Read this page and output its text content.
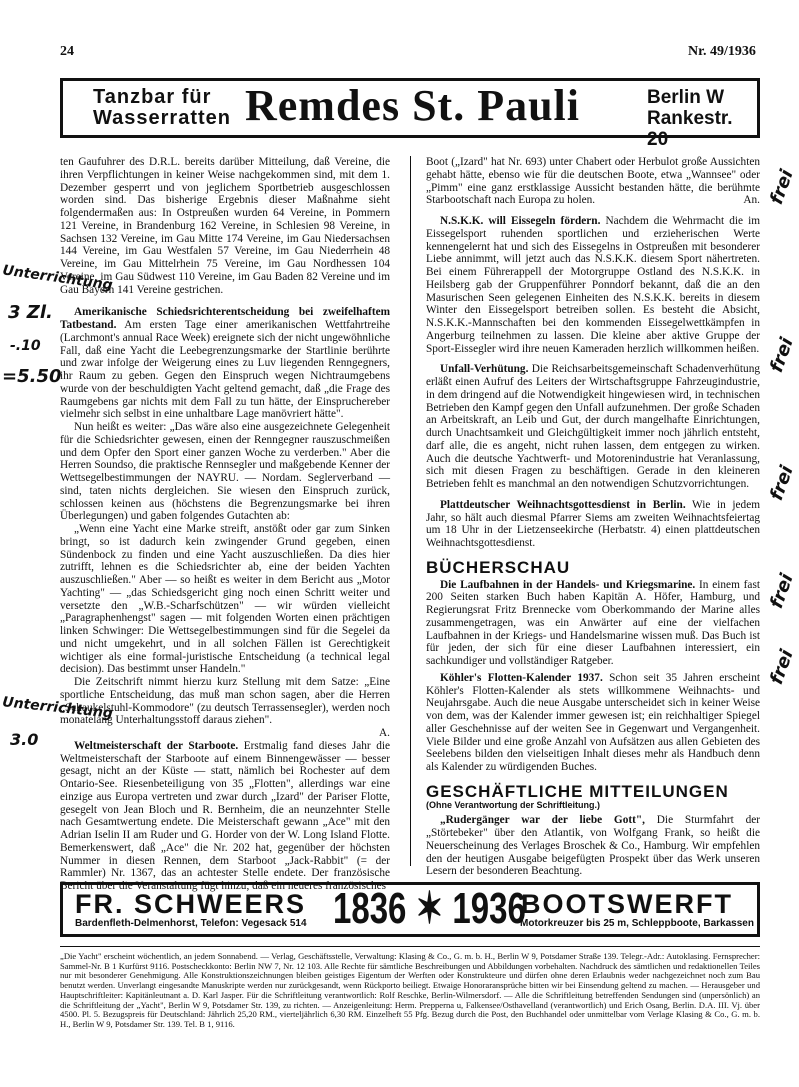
24	Nr. 49/1936
Tanzbar für
Wasserratten Remdes St. Pauli	Berlin W
Rankestr. 20

ten Gaufuhrer des D.R.L. bereits darüber Mitteilung, daß Vereine, die ihren Verpflichtungen in keiner Weise nachgekommen sind, mit dem 1. Dezember gesperrt und von jeglichem Sportbetrieb ausgeschlossen worden sind. Das bisherige Ergebnis dieser Maßnahme sieht folgendermaßen aus: In Ostpreußen wurden 64 Vereine, in Pommern 121 Vereine, in Brandenburg 162 Vereine, in Schlesien 98 Vereine, in Sachsen 132 Vereine, im Gau Mitte 174 Vereine, im Gau Niedersachsen 144 Vereine, im Gau Westfalen 57 Vereine, im Gau Niederrhein 48 Vereine, im Gau Mittelrhein 75 Vereine, im Gau Nordhessen 104 Vereine, im Gau Südwest 110 Vereine, im Gau Baden 82 Vereine und im Gau Bayern 141 Vereine gestrichen.

Amerikanische Schiedsrichterentscheidung bei zweifelhaftem Tatbestand. Am ersten Tage einer amerikanischen Wettfahrtreihe (Larchmont's annual Race Week) ereignete sich der nicht ungewöhnliche Fall, daß eine Yacht die Leebegrenzungsmarke der Startlinie berührte und zwar infolge der Weigerung eines zu Luv liegenden Renngegners, ihr Raum zu geben. Gegen den Einspruch wegen Nichtraumgebens wurde von der beschuldigten Yacht geltend gemacht, daß „die Frage des Raumgebens gar nichts mit dem Fall zu tun hätte, der Einspruchereber vielmehr sich selbst in eine unhaltbare Lage manövriert hätte".

Nun heißt es weiter: „Das wäre also eine ausgezeichnete Gelegenheit für die Schiedsrichter gewesen, einen der Renngegner rauszuschmeißen und dem Opfer den Sport einer ganzen Woche zu verderben." Aber die Herren Soundso, die praktische Rennsegler und maßgebende Kenner der Wettsegelbestimmungen der NAYRU. — Nordam. Seglerverband — sind, taten nichts dergleichen. Sie wiesen den Einspruch zurück, schlossen keinen aus (höchstens die Begrenzungsmarke bei ihren Überlegungen) und gaben folgendes Gutachten ab:

„Wenn eine Yacht eine Marke streift, anstößt oder gar zum Sinken bringt, so ist dadurch kein zwingender Grund gegeben, einen Sündenbock zu finden und eine Yacht auszuschließen. Da dies hier zutrifft, lehnen es die Schiedsrichter ab, eine der beiden Yachten auszuschließen." Aber — so heißt es weiter in dem Bericht aus „Motor Yachting" — „das Schiedsgericht ging noch einen Schritt weiter und versetzte den „W.B.-Scharfschützen" — wir würden vielleicht „Paragraphenhengst" sagen — mit folgenden Worten einen prächtigen linken Schwinger: Die Wettsegelbestimmungen sind für die Segelei da und nicht umgekehrt, und in all solchen Fällen ist Gerechtigkeit wichtiger als eine formal-juristische Entscheidung (a technical legal decision). Das bestimmt unser Handeln."

Die Zeitschrift nimmt hierzu kurz Stellung mit dem Satze: „Eine sportliche Entscheidung, das muß man schon sagen, aber die Herren „Schaukelstuhl-Kommodore" (zu deutsch Terrassensegler), werden noch monatelang Unterhaltungsstoff daraus ziehen".

A.

Weltmeisterschaft der Starboote. Erstmalig fand dieses Jahr die Weltmeisterschaft der Starboote auf einem Binnengewässer — besser gesagt, nicht an der Küste — statt, nämlich bei Rochester auf dem Ontario-See. Riesenbeteiligung von 35 „Flotten", allerdings war eine einzige aus Europa vertreten und zwar durch „Izard" der Pariser Flotte, gesegelt von Jean Bloch und R. Bernheim, die an neunzehnter Stelle nach Gesamtwertung endete. Die Meisterschaft gewann „Ace" mit den Adrian Iselin II am Ruder und G. Horder von der W. Long Island Flotte. Bemerkenswert, daß „Ace" die Nr. 202 hat, gegenüber der höchsten Nummer in diesen Rennen, dem Starboot „Jack-Rabbit" (= der Rammler) Nr. 1367, das an achtester Stelle endete. Der französische Bericht über die Veranstaltung fügt hinzu, daß ein neueres französisches

Boot („Izard" hat Nr. 693) unter Chabert oder Herbulot große Aussichten gehabt hätte, ebenso wie für die deutschen Boote, etwa „Wannsee" oder „Pimm" eine ganz erstklassige Aussicht bestanden hätte, die berühmte Starbootschaft nach Europa zu holen.	An.

N.S.K.K. will Eissegeln fördern. Nachdem die Wehrmacht die im Eissegelsport ruhenden sportlichen und erzieherischen Werte kennengelernt hat und sich des Eissegelns in Ostpreußen mit besonderer Liebe annimmt, will jetzt auch das N.S.K.K. diesem Sport nähertreten. Bei einem Führerappell der Motorgruppe Ostland des N.S.K.K. in Heilsberg gab der Gruppenführer Ponndorf bekannt, daß die an den Masurischen Seen gelegenen Einheiten des N.S.K.K. bereits in diesem Winter den Eissegelsport betreiben sollen. Es besteht die Absicht, N.S.K.K.-Mannschaften bei den kommenden Eissegelwettkämpfen in Angerburg teilnehmen zu lassen. Die kleine aber aktive Gruppe der Sport-Eissegler wird ihre neuen Kameraden herzlich willkommen heißen.

Unfall-Verhütung. Die Reichsarbeitsgemeinschaft Schadenverhütung erläßt einen Aufruf des Leiters der Wirtschaftsgruppe Fahrzeugindustrie, in dem dringend auf die Notwendigkeit hingewiesen wird, in technischen Betrieben den Kampf gegen den Unfall aufzunehmen. Der große Schaden an Arbeitskraft, an Leib und Gut, der durch mangelhafte Einrichtungen, durch Unachtsamkeit und Gleichgültigkeit immer noch jährlich entsteht, darf alle, die es angeht, nicht ruhen lassen, dem entgegen zu wirken. Auch die deutsche Yachtwerft- und Motorenindustrie hat Veranlassung, sich mit diesen Fragen zu beschäftigen. Gerade in den kleineren Betrieben fehlt es manchmal an den notwendigen Schutzvorrichtungen.

Plattdeutscher Weihnachtsgottesdienst in Berlin. Wie in jedem Jahr, so hält auch diesmal Pfarrer Siems am zweiten Weihnachtsfeiertag um 18 Uhr in der Lietzenseekirche (Herbatstr. 4) einen plattdeutschen Weihnachtsgottesdienst.

BÜCHERSCHAU

Die Laufbahnen in der Handels- und Kriegsmarine. In einem fast 200 Seiten starken Buch haben Kapitän A. Höfer, Hamburg, und Regierungsrat Fritz Brennecke vom Oberkommando der Marine alles zusammengetragen, was ein Anwärter auf eine der vielfachen Laufbahnen in der Kriegs- und Handelsmarine wissen muß. Das Buch ist für jeden, der sich für eine dieser Laufbahnen interessiert, ein sachkundiger und vollständiger Ratgeber.

Köhler's Flotten-Kalender 1937. Schon seit 35 Jahren erscheint Köhler's Flotten-Kalender als stets willkommene Weihnachts- und Neujahrsgabe. Auch die neue Ausgabe unterscheidet sich in keiner Weise von dem, was der Kalender immer gewesen ist; ein reichhaltiger Spiegel aller Geschehnisse auf der weiten See in Gegenwart und Vergangenheit. Viele Bilder und eine große Anzahl von Aufsätzen aus allen Gebieten des Seelebens bilden den vielseitigen Inhalt dieses mehr als Handbuch denn als Kalender zu würdigenden Buches.

GESCHÄFTLICHE MITTEILUNGEN
(Ohne Verantwortung der Schriftleitung.)

„Rudergänger war der liebe Gott", Die Sturmfahrt der „Störtebeker" über den Atlantik, von Wolfgang Frank, so heißt die Neuerscheinung des Verlages Broschek & Co., Hamburg. Wir empfehlen den der heutigen Ausgabe beigefügten Prospekt über das Werk unseren Lesern der besonderen Beachtung.

FR. SCHWEERS
Bardenfleth-Delmenhorst, Telefon: Vegesack 514 1836 ✶ 1936
BOOTSWERFT
Motorkreuzer bis 25 m, Schleppboote, Barkassen
„Die Yacht" erscheint wöchentlich, an jedem Sonnabend. — Verlag, Geschäftsstelle, Verwaltung: Klasing & Co., G. m. b. H., Berlin W 9, Potsdamer Straße 139. Telegr.-Adr.: Autoklasing. Fernsprecher: Sammel-Nr. B 1 Kurfürst 9116. Postscheckkonto: Berlin NW 7, Nr. 12 103. Alle Rechte für sämtliche Beschreibungen und Abbildungen vorbehalten. Nachdruck des sämtlichen und redaktionellen Teiles nur mit besonderer Genehmigung. Alle Konstruktionszeichnungen bleiben geistiges Eigentum der Werften oder Konstrukteure und dürfen ohne deren Erlaubnis weder nachgezeichnet noch zum Bau benutzt werden. Unverlangt eingesandte Manuskripte werden nur zurückgesandt, wenn Rückporto beiliegt. Etwaige Honoraransprüche bitten wir bei Einsendung geltend zu machen. — Herausgeber und Hauptschriftleiter: Kapitänleutnant a. D. Karl Jasper. Für die Schriftleitung verantwortlich: Rolf Reschke, Berlin-Wilmersdorf. — Alle die Schriftleitung betreffenden Sendungen sind (unpersönlich) an die Schriftleitung der „Yacht", Berlin W 9, Potsdamer Str. 139, zu richten. — Anzeigenleitung: Herm. Prepperna u, Falkensee/Osthavelland (verantwortlich) und Erich Osang, Berlin. D.A. III. Vj. über 4500. Pl. 5. Bezugspreis für Deutschland: Jährlich 25,20 RM., vierteljährlich 6,30 RM. Einzelheft 55 Pfg. Bezug durch die Post, den Buchhandel oder unmittelbar vom Verlage Klasing & Co., G. m. b. H., Berlin W 9, Potsdamer Str. 139. Tel. B 1, 9116.
Unterrichtung
3 Zl.
-.10
=5.50
Unterrichtung
3.0
frei
frei
frei
frei
frei
